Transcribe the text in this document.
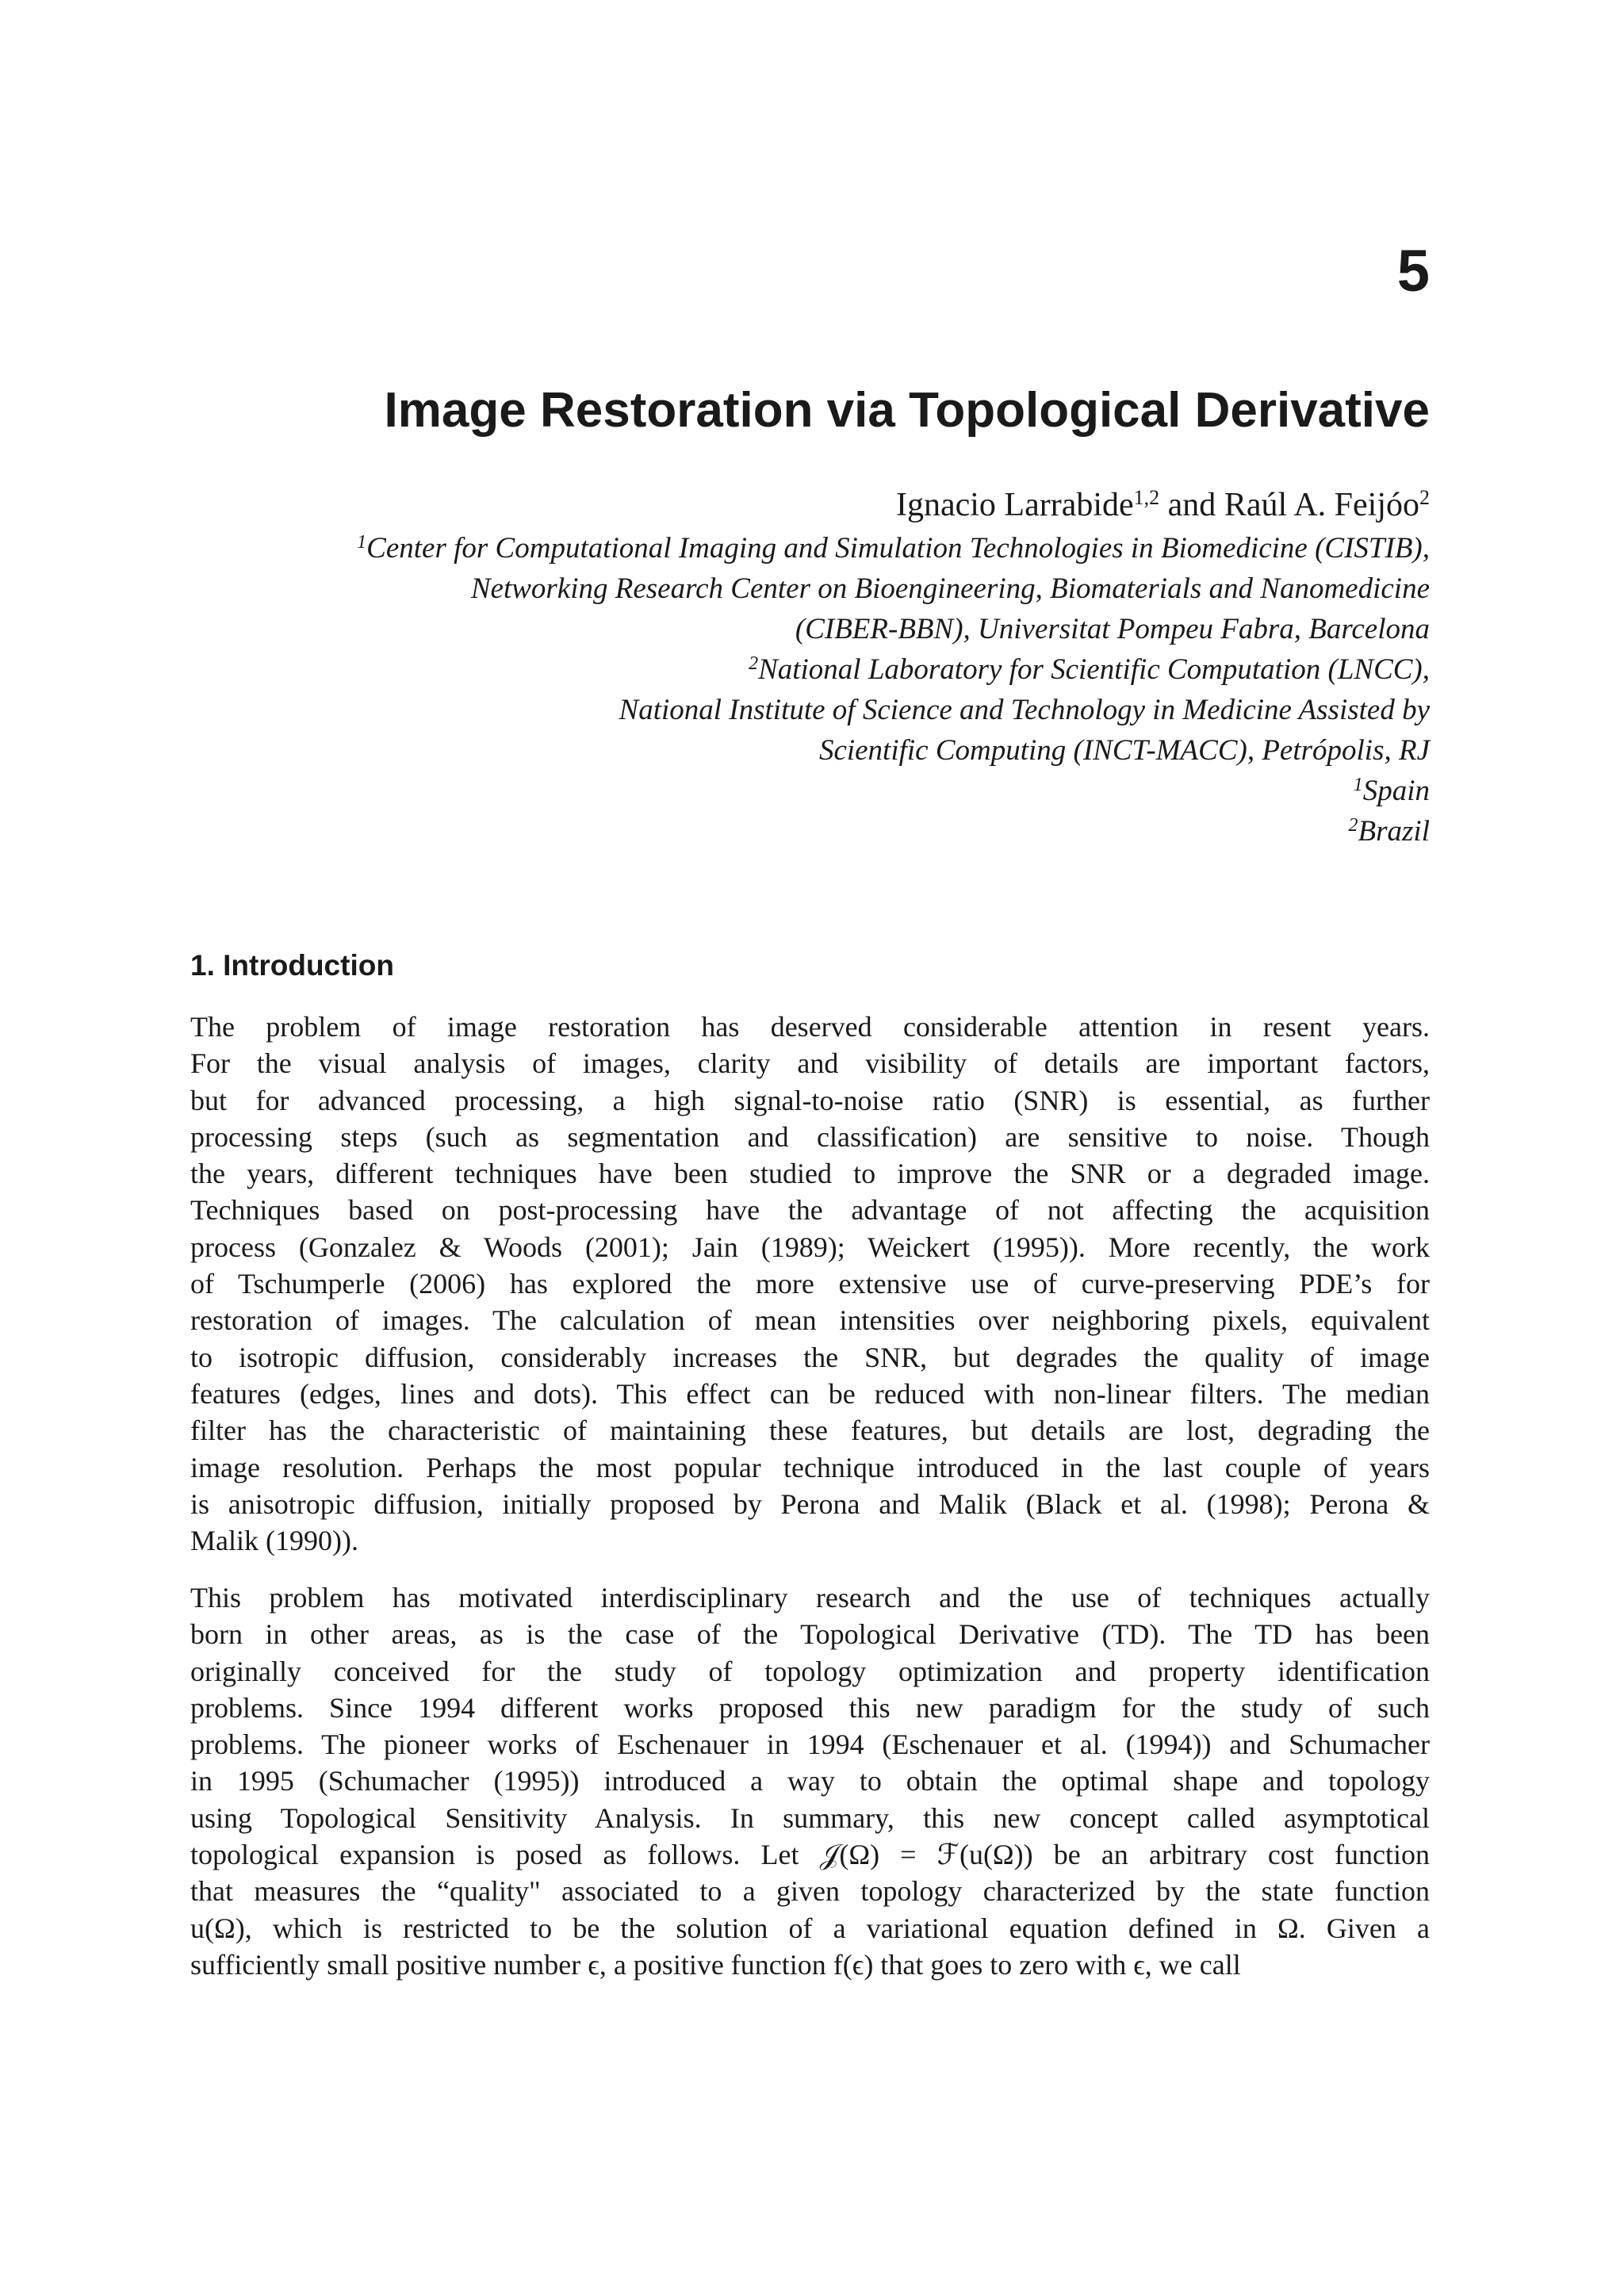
5
Image Restoration via Topological Derivative

Ignacio Larrabide$^{1,2}$ and Raúl A. Feijóo$^2$

$^1$Center for Computational Imaging and Simulation Technologies in Biomedicine (CISTIB),
Networking Research Center on Bioengineering, Biomaterials and Nanomedicine
(CIBER-BBN), Universitat Pompeu Fabra, Barcelona
$^2$National Laboratory for Scientific Computation (LNCC),
National Institute of Science and Technology in Medicine Assisted by
Scientific Computing (INCT-MACC), Petrópolis, RJ
$^1$Spain
$^2$Brazil
1. Introduction
The problem of image restoration has deserved considerable attention in resent years.
For the visual analysis of images, clarity and visibility of details are important factors,
but for advanced processing, a high signal-to-noise ratio (SNR) is essential, as further
processing steps (such as segmentation and classification) are sensitive to noise. Though
the years, different techniques have been studied to improve the SNR or a degraded image.
Techniques based on post-processing have the advantage of not affecting the acquisition
process (Gonzalez & Woods (2001); Jain (1989); Weickert (1995)). More recently, the work
of Tschumperle (2006) has explored the more extensive use of curve-preserving PDE’s for
restoration of images. The calculation of mean intensities over neighboring pixels, equivalent
to isotropic diffusion, considerably increases the SNR, but degrades the quality of image
features (edges, lines and dots). This effect can be reduced with non-linear filters. The median
filter has the characteristic of maintaining these features, but details are lost, degrading the
image resolution. Perhaps the most popular technique introduced in the last couple of years
is anisotropic diffusion, initially proposed by Perona and Malik (Black et al. (1998); Perona &
Malik (1990)).
This problem has motivated interdisciplinary research and the use of techniques actually
born in other areas, as is the case of the Topological Derivative (TD). The TD has been
originally conceived for the study of topology optimization and property identification
problems. Since 1994 different works proposed this new paradigm for the study of such
problems. The pioneer works of Eschenauer in 1994 (Eschenauer et al. (1994)) and Schumacher
in 1995 (Schumacher (1995)) introduced a way to obtain the optimal shape and topology
using Topological Sensitivity Analysis. In summary, this new concept called asymptotical
topological expansion is posed as follows. Let 𝒥(Ω) = ℱ(u(Ω)) be an arbitrary cost function
that measures the “quality" associated to a given topology characterized by the state function
u(Ω), which is restricted to be the solution of a variational equation defined in Ω. Given a
sufficiently small positive number ϵ, a positive function f(ϵ) that goes to zero with ϵ, we call
